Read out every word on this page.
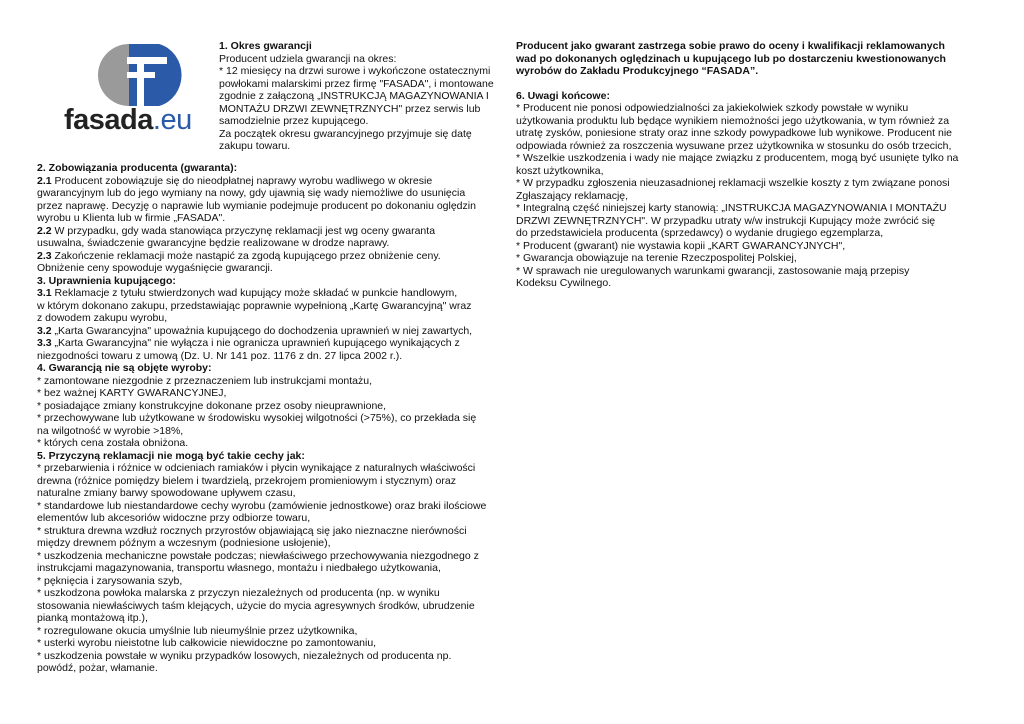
fasada.eu

1. Okres gwarancji

Producent udziela gwarancji na okres:

* 12 miesięcy na drzwi surowe i wykończone ostatecznymi

powłokami malarskimi przez firmę "FASADA", i montowane

zgodnie z załączoną „INSTRUKCJĄ MAGAZYNOWANIA I

MONTAŻU DRZWI ZEWNĘTRZNYCH" przez serwis lub

samodzielnie przez kupującego.

Za początek okresu gwarancyjnego przyjmuje się datę

zakupu towaru.

2. Zobowiązania producenta (gwaranta):

2.1 Producent zobowiązuje się do nieodpłatnej naprawy wyrobu wadliwego w okresie

gwarancyjnym lub do jego wymiany na nowy, gdy ujawnią się wady niemożliwe do usunięcia

przez naprawę. Decyzję o naprawie lub wymianie podejmuje producent po dokonaniu oględzin

wyrobu u Klienta lub w firmie „FASADA".

2.2 W przypadku, gdy wada stanowiąca przyczynę reklamacji jest wg oceny gwaranta

usuwalna, świadczenie gwarancyjne będzie realizowane w drodze naprawy.

2.3 Zakończenie reklamacji może nastąpić za zgodą kupującego przez obniżenie ceny.

Obniżenie ceny spowoduje wygaśnięcie gwarancji.

3. Uprawnienia kupującego:

3.1 Reklamacje z tytułu stwierdzonych wad kupujący może składać w punkcie handlowym,

w którym dokonano zakupu, przedstawiając poprawnie wypełnioną „Kartę Gwarancyjną" wraz

z dowodem zakupu wyrobu,

3.2 „Karta Gwarancyjna" upoważnia kupującego do dochodzenia uprawnień w niej zawartych,

3.3 „Karta Gwarancyjna" nie wyłącza i nie ogranicza uprawnień kupującego wynikających z

niezgodności towaru z umową (Dz. U. Nr 141 poz. 1176 z dn. 27 lipca 2002 r.).

4. Gwarancją nie są objęte wyroby:

* zamontowane niezgodnie z przeznaczeniem lub instrukcjami montażu,

* bez ważnej KARTY GWARANCYJNEJ,

* posiadające zmiany konstrukcyjne dokonane przez osoby nieuprawnione,

* przechowywane lub użytkowane w środowisku wysokiej wilgotności (>75%), co przekłada się

na wilgotność w wyrobie >18%,

* których cena została obniżona.

5. Przyczyną reklamacji nie mogą być takie cechy jak:

* przebarwienia i różnice w odcieniach ramiaków i płycin wynikające z naturalnych właściwości

drewna (różnice pomiędzy bielem i twardzielą, przekrojem promieniowym i stycznym) oraz

naturalne zmiany barwy spowodowane upływem czasu,

* standardowe lub niestandardowe cechy wyrobu (zamówienie jednostkowe) oraz braki ilościowe

elementów lub akcesoriów widoczne przy odbiorze towaru,

* struktura drewna wzdłuż rocznych przyrostów objawiającą się jako nieznaczne nierówności

między drewnem późnym a wczesnym (podniesione usłojenie),

* uszkodzenia mechaniczne powstałe podczas; niewłaściwego przechowywania niezgodnego z

instrukcjami magazynowania, transportu własnego, montażu i niedbałego użytkowania,

* pęknięcia i zarysowania szyb,

* uszkodzona powłoka malarska z przyczyn niezależnych od producenta (np. w wyniku

stosowania niewłaściwych taśm klejących, użycie do mycia agresywnych środków, ubrudzenie

pianką montażową itp.),

* rozregulowane okucia umyślnie lub nieumyślnie przez użytkownika,

* usterki wyrobu nieistotne lub całkowicie niewidoczne po zamontowaniu,

* uszkodzenia powstałe w wyniku przypadków losowych, niezależnych od producenta np.

powódź, pożar, włamanie.

Producent jako gwarant zastrzega sobie prawo do oceny i kwalifikacji reklamowanych

wad po dokonanych oględzinach u kupującego lub po dostarczeniu kwestionowanych

wyrobów do Zakładu Produkcyjnego “FASADA”.

6. Uwagi końcowe:

* Producent nie ponosi odpowiedzialności za jakiekolwiek szkody powstałe w wyniku

użytkowania produktu lub będące wynikiem niemożności jego użytkowania, w tym również za

utratę zysków, poniesione straty oraz inne szkody powypadkowe lub wynikowe. Producent nie

odpowiada również za roszczenia wysuwane przez użytkownika w stosunku do osób trzecich,

* Wszelkie uszkodzenia i wady nie mające związku z producentem, mogą być usunięte tylko na

koszt użytkownika,

* W przypadku zgłoszenia nieuzasadnionej reklamacji wszelkie koszty z tym związane ponosi

Zgłaszający reklamację,

* Integralną część niniejszej karty stanowią: „INSTRUKCJA MAGAZYNOWANIA I MONTAŻU

DRZWI ZEWNĘTRZNYCH". W przypadku utraty w/w instrukcji Kupujący może zwrócić się

do przedstawiciela producenta (sprzedawcy) o wydanie drugiego egzemplarza,

* Producent (gwarant) nie wystawia kopii „KART GWARANCYJNYCH",

* Gwarancja obowiązuje na terenie Rzeczpospolitej Polskiej,

* W sprawach nie uregulowanych warunkami gwarancji, zastosowanie mają przepisy

Kodeksu Cywilnego.
